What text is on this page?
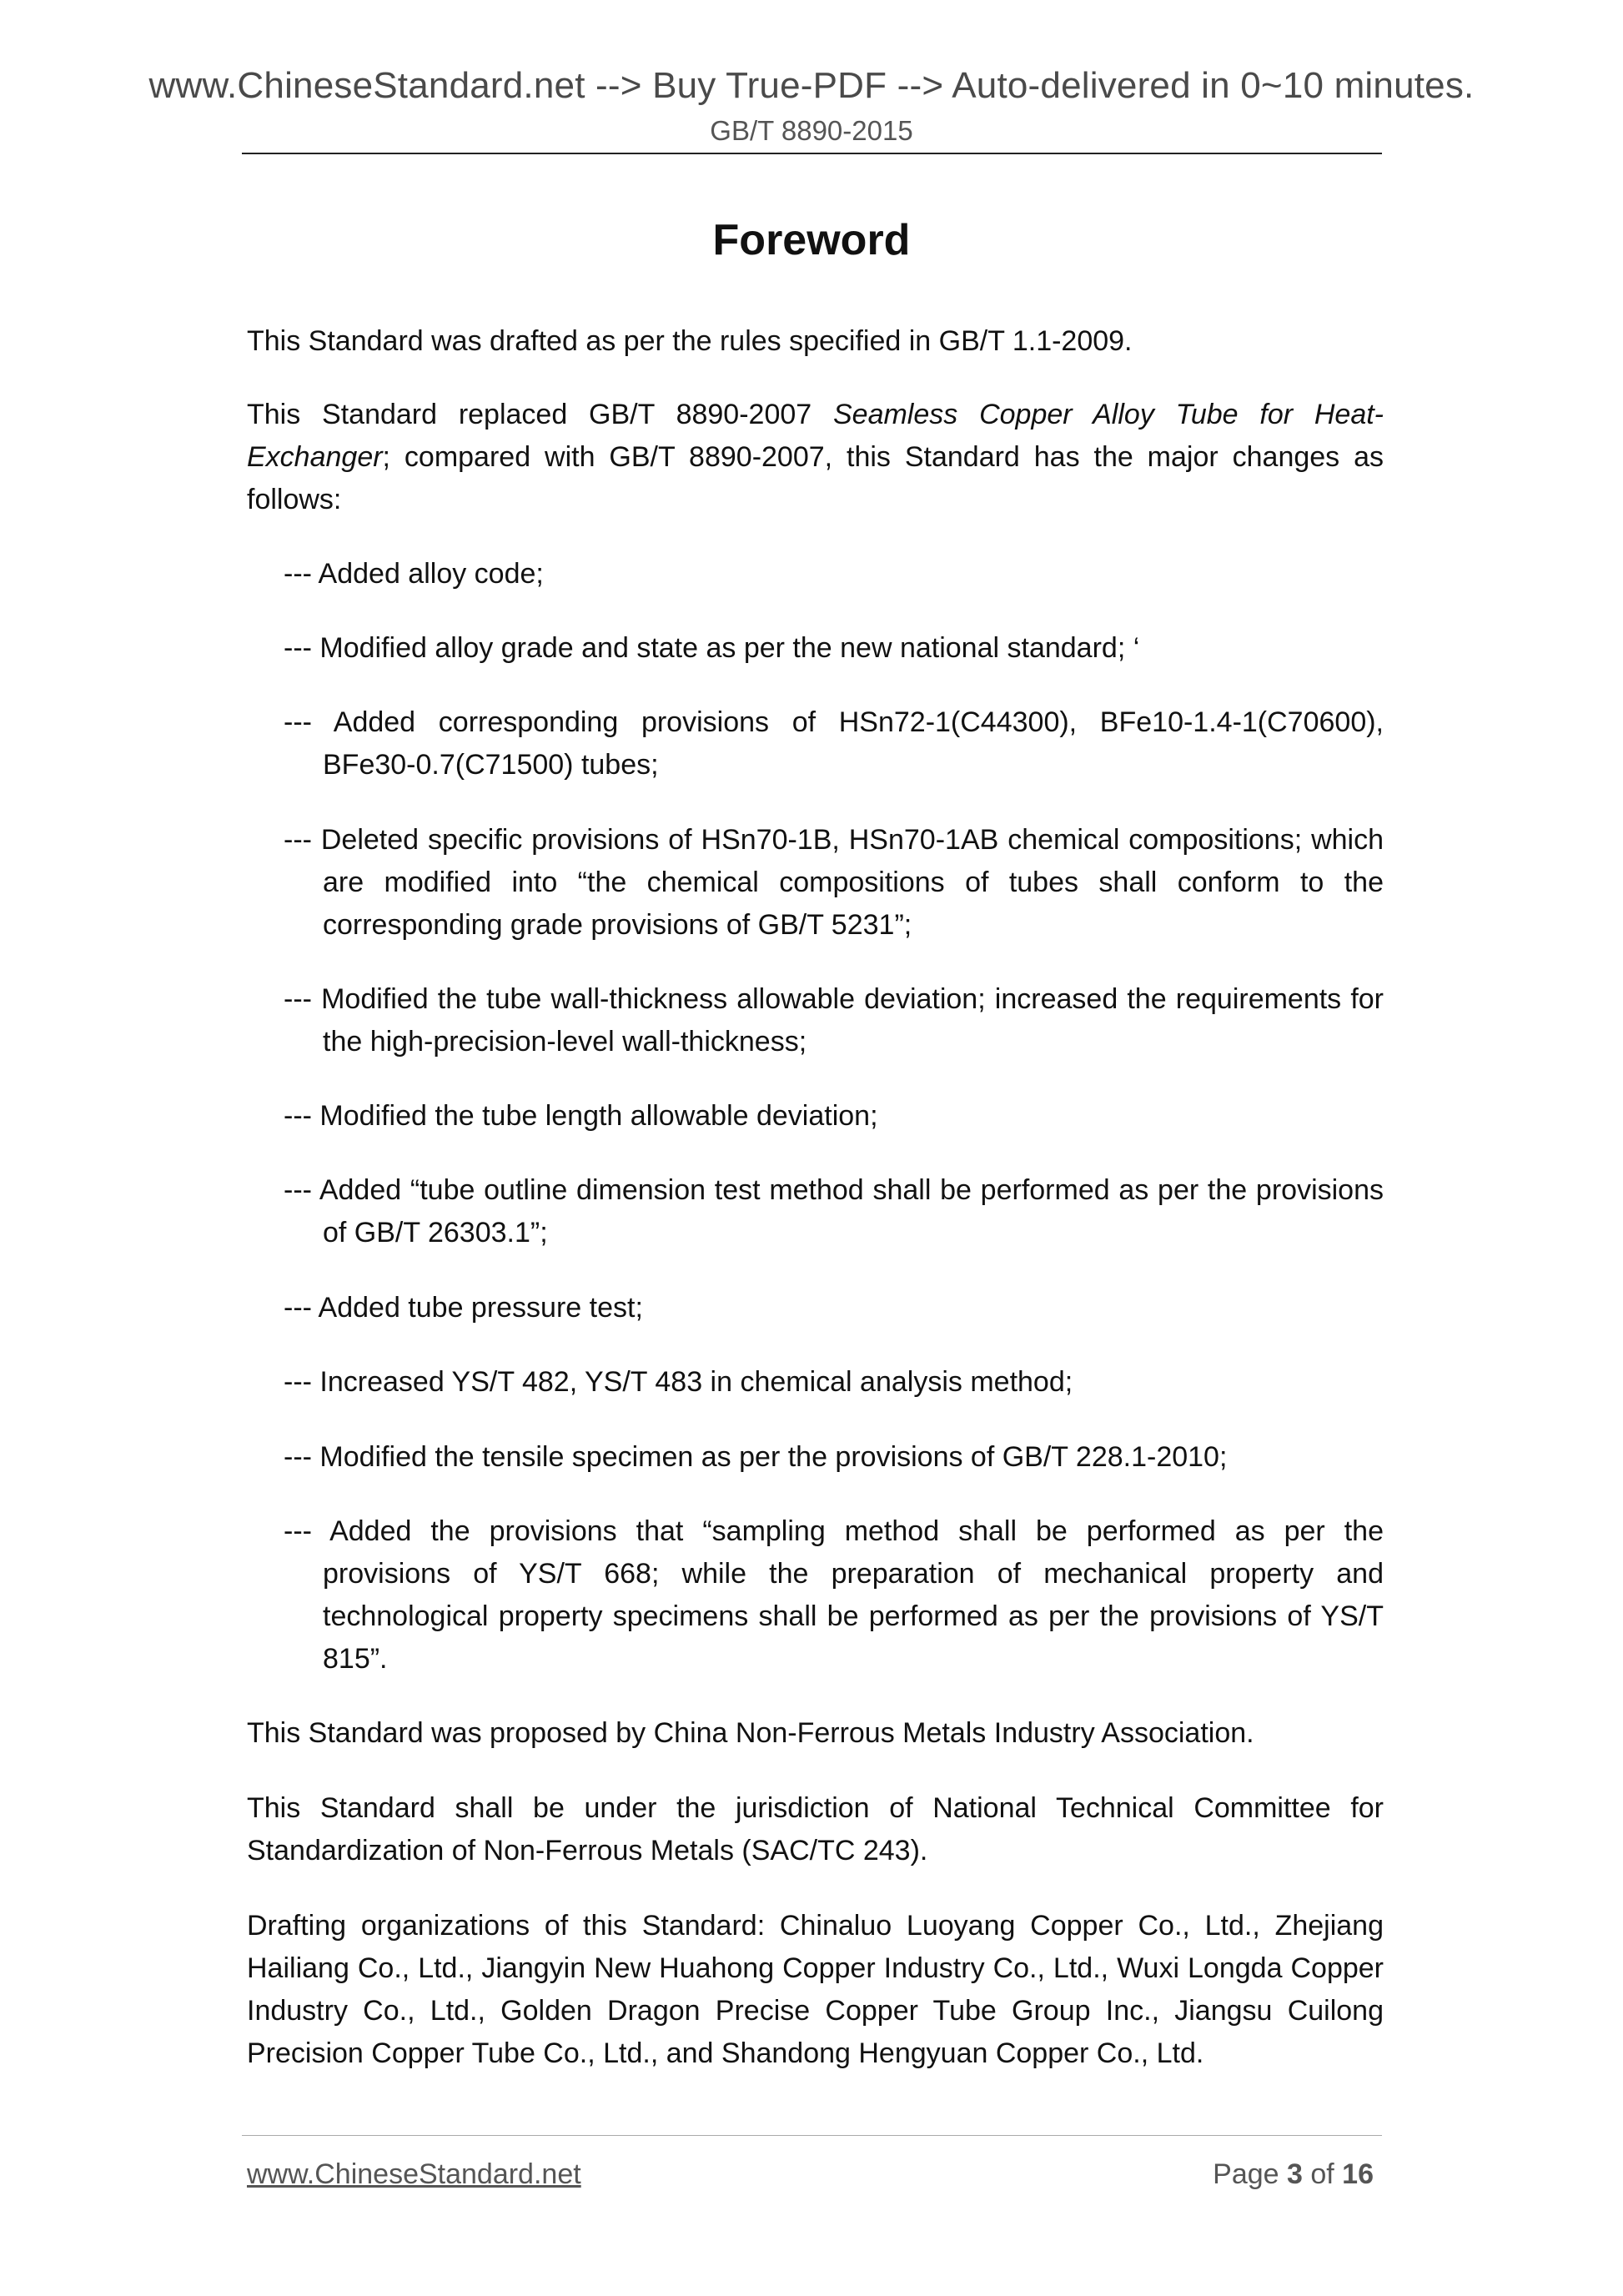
www.ChineseStandard.net --> Buy True-PDF --> Auto-delivered in 0~10 minutes.
GB/T 8890-2015
Foreword
This Standard was drafted as per the rules specified in GB/T 1.1-2009.
This Standard replaced GB/T 8890-2007 Seamless Copper Alloy Tube for Heat-Exchanger; compared with GB/T 8890-2007, this Standard has the major changes as follows:
--- Added alloy code;
--- Modified alloy grade and state as per the new national standard; ‘
--- Added corresponding provisions of HSn72-1(C44300), BFe10-1.4-1(C70600), BFe30-0.7(C71500) tubes;
--- Deleted specific provisions of HSn70-1B, HSn70-1AB chemical compositions; which are modified into “the chemical compositions of tubes shall conform to the corresponding grade provisions of GB/T 5231”;
--- Modified the tube wall-thickness allowable deviation; increased the requirements for the high-precision-level wall-thickness;
--- Modified the tube length allowable deviation;
--- Added “tube outline dimension test method shall be performed as per the provisions of GB/T 26303.1”;
--- Added tube pressure test;
--- Increased YS/T 482, YS/T 483 in chemical analysis method;
--- Modified the tensile specimen as per the provisions of GB/T 228.1-2010;
--- Added the provisions that “sampling method shall be performed as per the provisions of YS/T 668; while the preparation of mechanical property and technological property specimens shall be performed as per the provisions of YS/T 815”.
This Standard was proposed by China Non-Ferrous Metals Industry Association.
This Standard shall be under the jurisdiction of National Technical Committee for Standardization of Non-Ferrous Metals (SAC/TC 243).
Drafting organizations of this Standard: Chinaluo Luoyang Copper Co., Ltd., Zhejiang Hailiang Co., Ltd., Jiangyin New Huahong Copper Industry Co., Ltd., Wuxi Longda Copper Industry Co., Ltd., Golden Dragon Precise Copper Tube Group Inc., Jiangsu Cuilong Precision Copper Tube Co., Ltd., and Shandong Hengyuan Copper Co., Ltd.
www.ChineseStandard.net	Page 3 of 16
